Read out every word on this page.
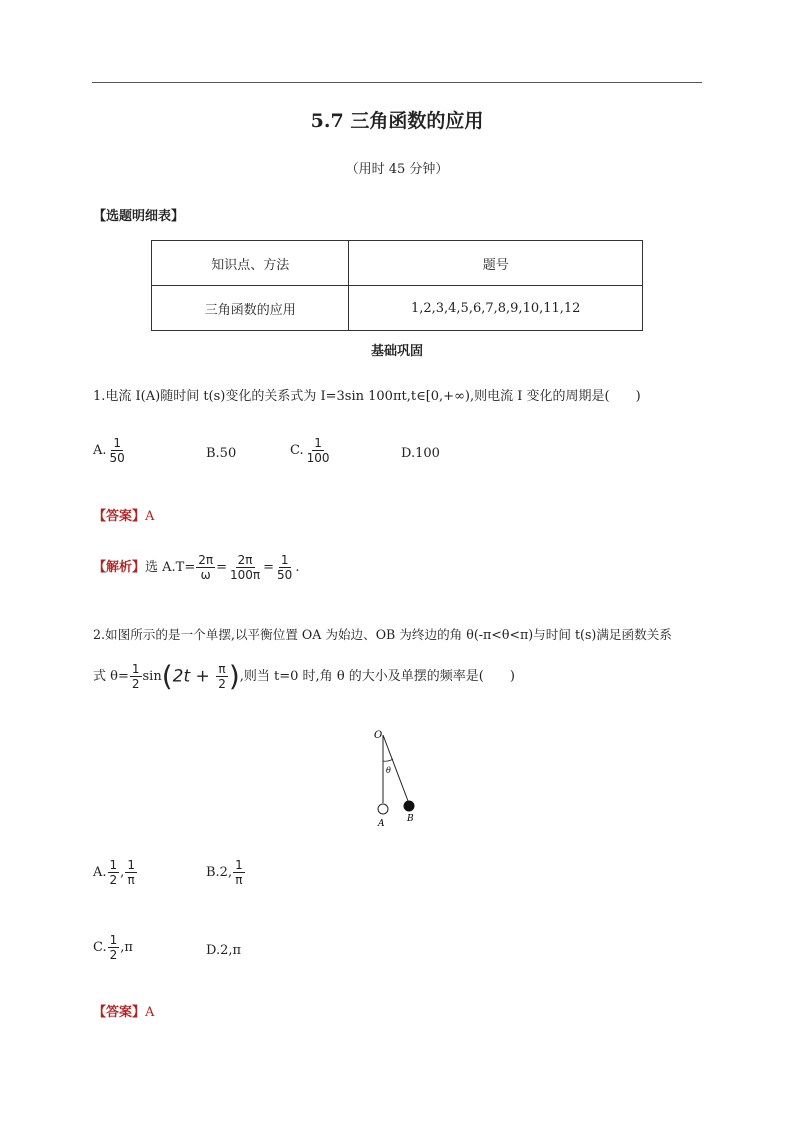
5.7 三角函数的应用
（用时 45 分钟）
【选题明细表】
知识点、方法	题号
三角函数的应用	1,2,3,4,5,6,7,8,9,10,11,12
基础巩固
1.电流 I(A)随时间 t(s)变化的关系式为 I=3sin 100πt,t∈[0,+∞),则电流 I 变化的周期是(　　)
A. $\frac{1}{50}$	B.50	C. $\frac{1}{100}$	D.100
【答案】A
【解析】选 $A.T= \frac{2\pi}{\omega} = \frac{2\pi}{100\pi} = \frac{1}{50}$ .
2.如图所示的是一个单摆,以平衡位置 OA 为始边、OB 为终边的角 θ(-π<θ<π)与时间 t(s)满足函数关系
式 $\theta= \frac{1}{2} \sin(2t + \frac{\pi}{2}$ ),则当 t=0 时,角 θ 的大小及单摆的频率是(　　)
O
θ
A	B
A. $\frac{1}{2}$ , $\frac{1}{\pi}$	B.2, $\frac{1}{\pi}$
C. $\frac{1}{2} ,\pi$	D.2,π
【答案】A
